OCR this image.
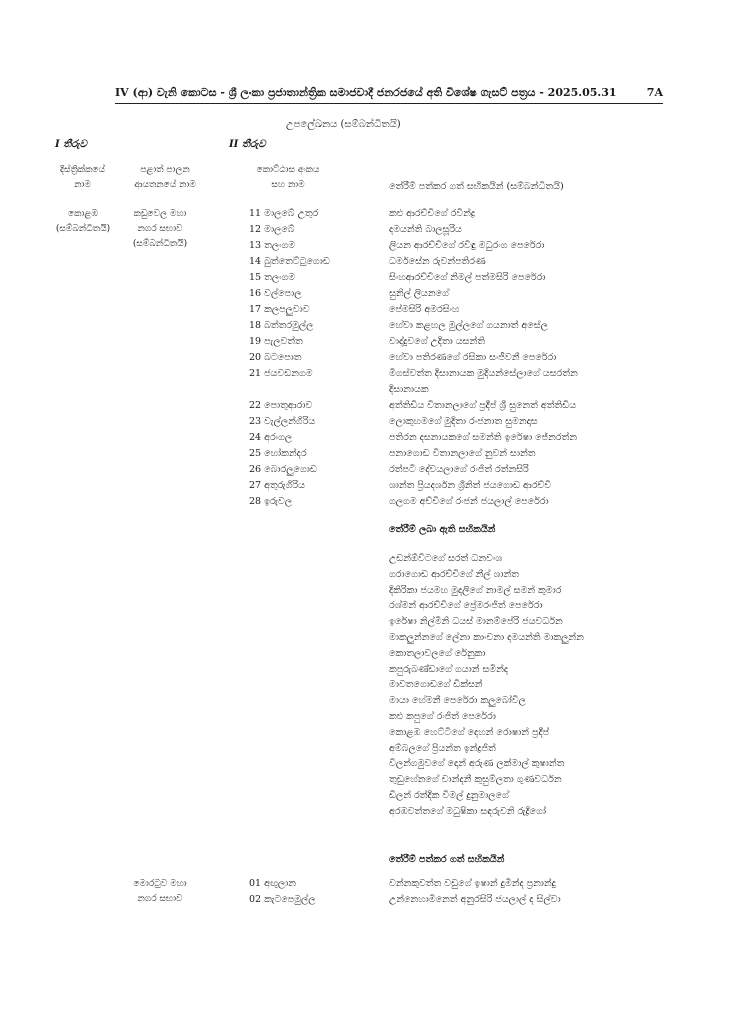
IV (ආ) වැනි කොටස - ශ්‍රී ලංකා ප්‍රජාතාන්ත්‍රික සමාජවාදී ජනරජයේ අති විශේෂ ගැසට් පත්‍රය - 2025.05.31	7A
උපලේඛනය (සම්බන්ධිතයි)
I තීරුව	II තීරුව
දිස්ත්‍රික්කයේ
නාම
පළාත් පාලන
ආයතනයේ නාම
කොට්ඨාස අංකය
සහ නාම	තේරීම් පත්කර ගත් සභිකයින් (සම්බන්ධිතයි)
කොළඹ
(සම්බන්ධිතයි)
කඩුවෙල මහා
නගර සභාව
(සම්බන්ධිතයි)
11 මාලබේ උතුර	කළු ආරච්චිගේ රවීන්ද්‍ර
12 මාලබේ	දමයන්ති බාලසූරිය
13 තලංගම	ලියන ආරච්චිගේ රවිඳු මධුරංග පෙරේරා
14 බුත්තෙට්ටුගොඩ	ධර්මසේන රුවන්පතිරණ
15 තලංගම	සිංහආරච්චිගේ නිමල් පත්මසිරි පෙරේරා
16 වල්පොල	සුනිල් ලියනගේ
17 කලපලුවාව	පේමසිරි අමරසිංහ
18 බත්තරමුල්ල	හේවා කළහල මුල්ලගේ ගයනාත් අසේල
19 පැලවත්ත	වාද්දුවගේ උදිතා යසන්ති
20 බටපොත	හේවා පතිරණගේ රසිකා සංජීවනී පෙරේරා
21 ජයවඩනගම	මීගස්වත්ත දිසානායක මුදියන්සේලාගේ යසරත්න
දිසානායක
22 පොතුආරාව	අත්තිඩිය විතානලාගේ ප්‍රදීප් ශ්‍රී සුනෙත් අත්තිඩිය
23 වැල්ලන්ගිරිය	ලොකුහමගේ මුදිතා රංජනාත සුමනදාස
24 අරංගල	පතිරන දසනායකගේ සමන්ති ඉරේෂා ජේනරත්න
25 හෝකන්දර	පනාගොඩ විතානලාගේ නුවන් සාන්ත
26 බොරලුගොඩ	රත්පටි දේවයලාගේ රංජිත් රත්නසිරි
27 අතුරුගිරිය	ශාන්ත ප්‍රියදර්ශන ශ්‍රීනිත් ජයගොඩ ආරච්චි
28 ඉරුවල	ගලගම අච්චිගේ රංජන් ජයලාල් පෙරේරා
තේරීම් ලබා ඇති සභිකයින්
උඩන්ඕවිටගේ සරත් ධනවංශ
ගරාගොඩ ආරච්චිගේ නීල් ශාන්ත
දිකිරිකා ජයමහ මුදලිගේ නාමල් සමන් කුමාර
රශ්මන් ආරච්චිගේ ප්‍රේමරංජිත් පෙරේරා
ඉරේෂා නිල්මිනි ධයස් මානම්පේරි ජයවර්ධන
මාකලුන්නගේ ලේනා කාංචනා දමයන්ති මාකලුන්න
කොතලාවලගේ රේනුකා
කපුරුබණ්ඩාගේ ගයාන් සමින්ද
මාවතගොඩගේ ඩික්සන්
මායා හේමනී පෙරේරා කලුබෝවිල
කළු කපුගේ රංජිත් පෙරේරා
කොළඹ හෙට්ටිගේ දෙහන් රොෂාන් ප්‍රදීප්
අම්බලගේ ප්‍රියන්ත ඉන්ද්‍රජිත්
විලන්ගමුවගේ දොන් අරුණ ලක්මාල් කුෂාන්ත
තුඩුහේනගේ චාන්දනී කුසුම්ලතා ගුණවර්ධන
ඩිලන් රත්දික විමල් දුනුමාලගේ
අරඹවත්තගේ මධුෂිකා සඳරුවනි රුද්‍රිගෝ
තේරීම් පත්කර ගත් සභිකයින්
මොරටුව මහා
නගර සභාව
01 අඟුලාන	වන්නකුවත්ත වඩුගේ ඉෂාන් දුමින්ද ප්‍රනාන්දු
02 කැටපෙමුල්ල	උන්නෙහාමිනෙත් අනුරසිරි ජයලාල් ද සිල්වා
